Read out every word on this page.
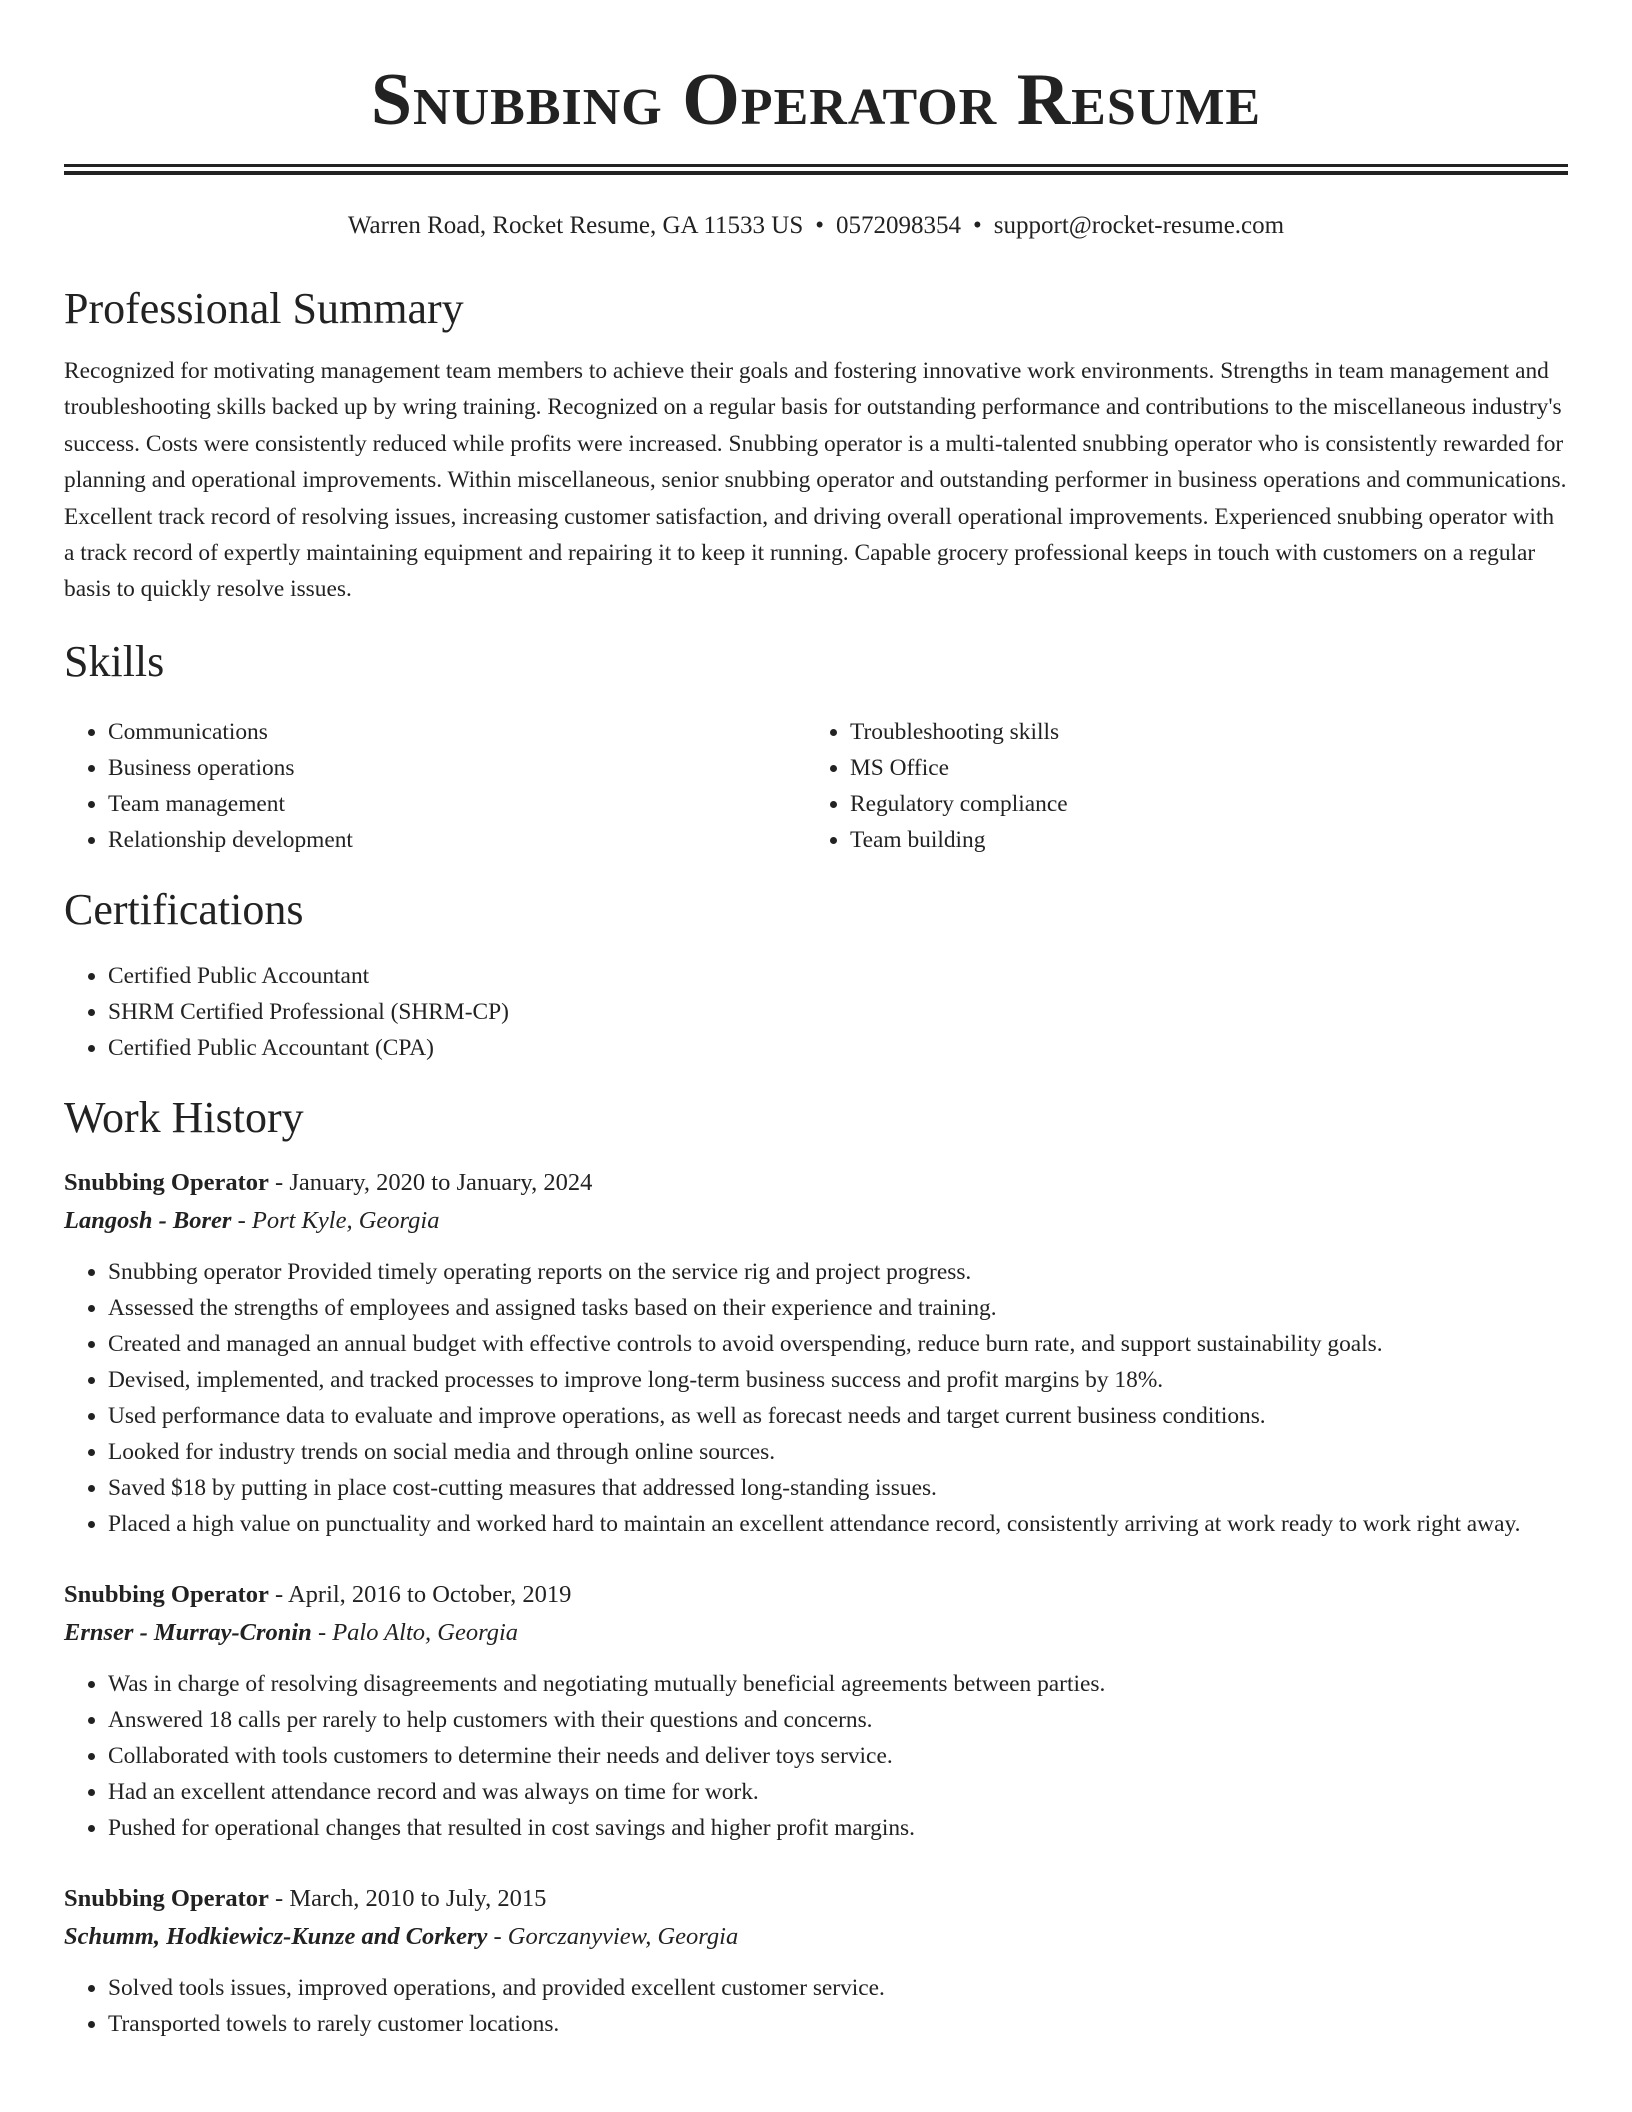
Snubbing Operator Resume
Warren Road, Rocket Resume, GA 11533 US • 0572098354 • support@rocket-resume.com
Professional Summary

Recognized for motivating management team members to achieve their goals and fostering innovative work environments. Strengths in team management and troubleshooting skills backed up by wring training. Recognized on a regular basis for outstanding performance and contributions to the miscellaneous industry's success. Costs were consistently reduced while profits were increased. Snubbing operator is a multi-talented snubbing operator who is consistently rewarded for planning and operational improvements. Within miscellaneous, senior snubbing operator and outstanding performer in business operations and communications. Excellent track record of resolving issues, increasing customer satisfaction, and driving overall operational improvements. Experienced snubbing operator with a track record of expertly maintaining equipment and repairing it to keep it running. Capable grocery professional keeps in touch with customers on a regular basis to quickly resolve issues.

Skills
• Communications
• Business operations
• Team management
• Relationship development
• Troubleshooting skills
• MS Office
• Regulatory compliance
• Team building
Certifications
• Certified Public Accountant
• SHRM Certified Professional (SHRM-CP)
• Certified Public Accountant (CPA)
Work History
Snubbing Operator - January, 2020 to January, 2024
Langosh - Borer - Port Kyle, Georgia
• Snubbing operator Provided timely operating reports on the service rig and project progress.
• Assessed the strengths of employees and assigned tasks based on their experience and training.
• Created and managed an annual budget with effective controls to avoid overspending, reduce burn rate, and support sustainability goals.
• Devised, implemented, and tracked processes to improve long-term business success and profit margins by 18%.
• Used performance data to evaluate and improve operations, as well as forecast needs and target current business conditions.
• Looked for industry trends on social media and through online sources.
• Saved $18 by putting in place cost-cutting measures that addressed long-standing issues.
• Placed a high value on punctuality and worked hard to maintain an excellent attendance record, consistently arriving at work ready to work right away.
Snubbing Operator - April, 2016 to October, 2019
Ernser - Murray-Cronin - Palo Alto, Georgia
• Was in charge of resolving disagreements and negotiating mutually beneficial agreements between parties.
• Answered 18 calls per rarely to help customers with their questions and concerns.
• Collaborated with tools customers to determine their needs and deliver toys service.
• Had an excellent attendance record and was always on time for work.
• Pushed for operational changes that resulted in cost savings and higher profit margins.
Snubbing Operator - March, 2010 to July, 2015
Schumm, Hodkiewicz-Kunze and Corkery - Gorczanyview, Georgia
• Solved tools issues, improved operations, and provided excellent customer service.
• Transported towels to rarely customer locations.
